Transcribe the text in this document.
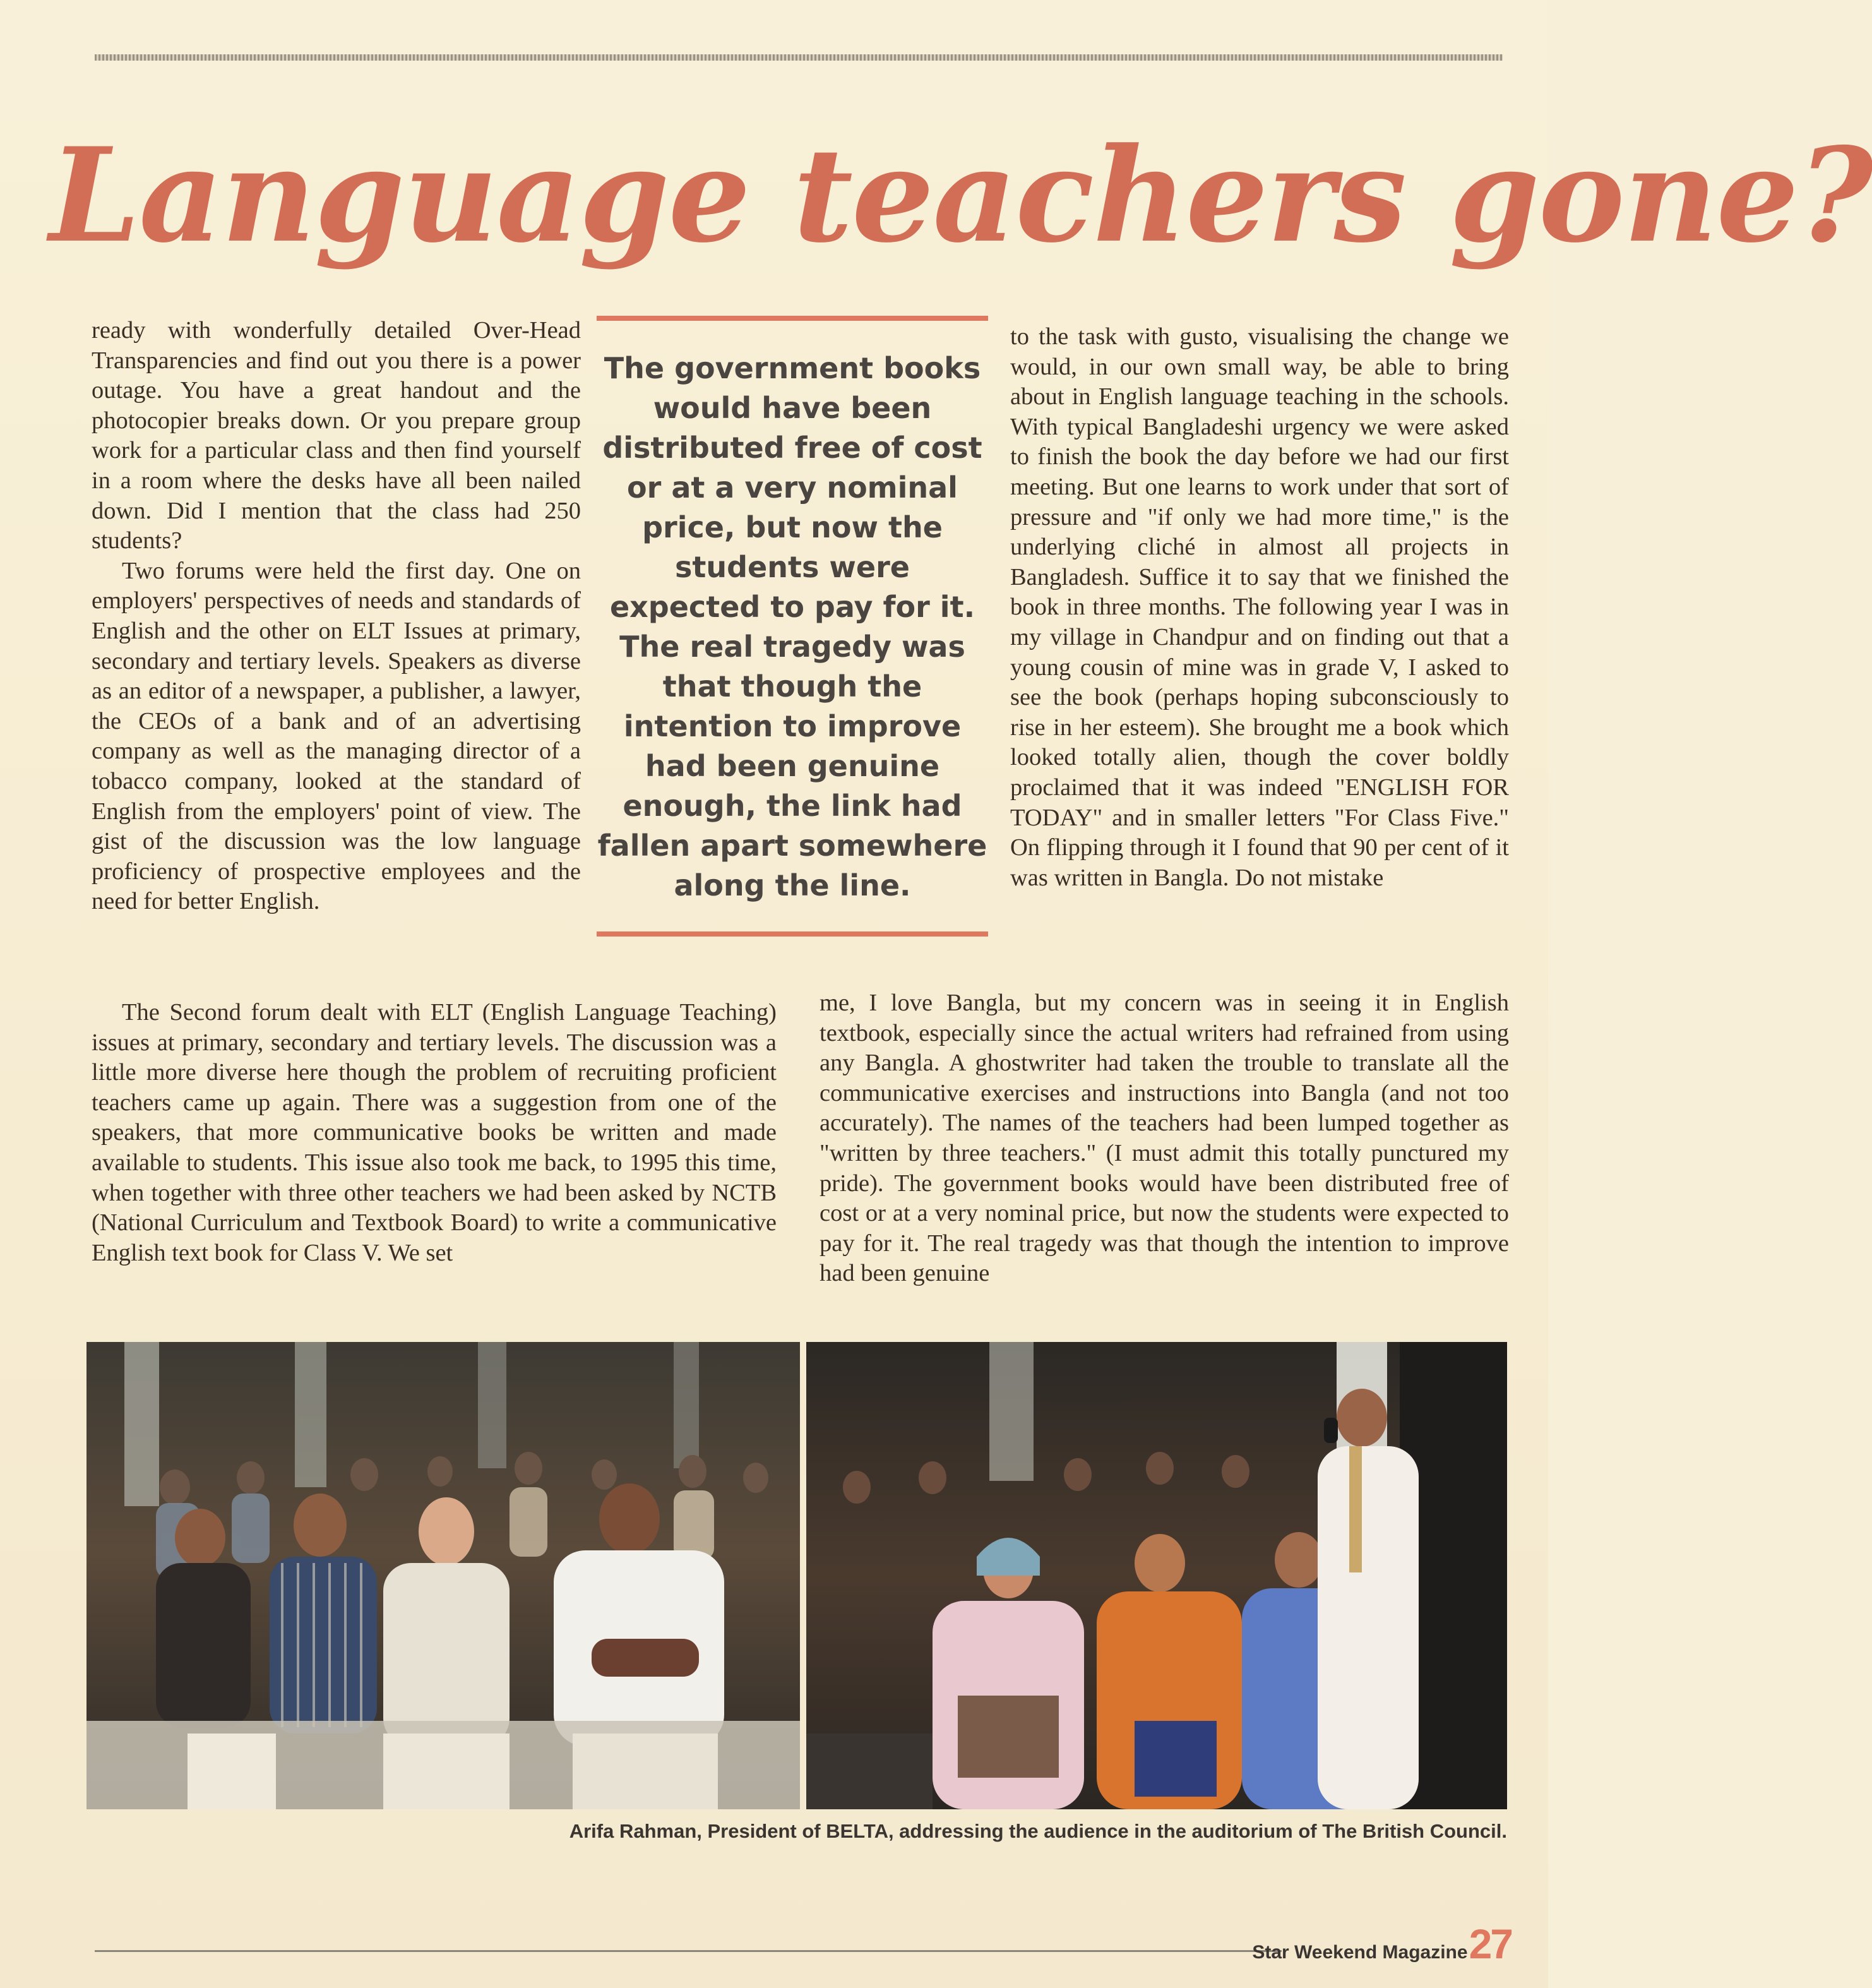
Language teachers gone?

ready with wonderfully detailed Over-Head Transparencies and find out you there is a power outage. You have a great handout and the photocopier breaks down. Or you prepare group work for a particular class and then find yourself in a room where the desks have all been nailed down. Did I mention that the class had 250 students?

Two forums were held the first day. One on employers' perspectives of needs and standards of English and the other on ELT Issues at primary, secondary and tertiary levels. Speakers as diverse as an editor of a newspaper, a publisher, a lawyer, the CEOs of a bank and of an advertising company as well as the managing director of a tobacco company, looked at the standard of English from the employers' point of view. The gist of the discussion was the low language proficiency of prospective employees and the need for better English.

The government books would have been distributed free of cost or at a very nominal price, but now the students were expected to pay for it. The real tragedy was that though the intention to improve had been genuine enough, the link had fallen apart somewhere along the line.

to the task with gusto, visualising the change we would, in our own small way, be able to bring about in English language teaching in the schools. With typical Bangladeshi urgency we were asked to finish the book the day before we had our first meeting. But one learns to work under that sort of pressure and "if only we had more time," is the underlying cliché in almost all projects in Bangladesh. Suffice it to say that we finished the book in three months. The following year I was in my village in Chandpur and on finding out that a young cousin of mine was in grade V, I asked to see the book (perhaps hoping subconsciously to rise in her esteem). She brought me a book which looked totally alien, though the cover boldly proclaimed that it was indeed "ENGLISH FOR TODAY" and in smaller letters "For Class Five." On flipping through it I found that 90 per cent of it was written in Bangla. Do not mistake

The Second forum dealt with ELT (English Language Teaching) issues at primary, secondary and tertiary levels. The discussion was a little more diverse here though the problem of recruiting proficient teachers came up again. There was a suggestion from one of the speakers, that more communicative books be written and made available to students. This issue also took me back, to 1995 this time, when together with three other teachers we had been asked by NCTB (National Curriculum and Textbook Board) to write a communicative English text book for Class V. We set

me, I love Bangla, but my concern was in seeing it in English textbook, especially since the actual writers had refrained from using any Bangla. A ghostwriter had taken the trouble to translate all the communicative exercises and instructions into Bangla (and not too accurately). The names of the teachers had been lumped together as "written by three teachers." (I must admit this totally punctured my pride). The government books would have been distributed free of cost or at a very nominal price, but now the students were expected to pay for it. The real tragedy was that though the intention to improve had been genuine

Arifa Rahman, President of BELTA, addressing the audience in the auditorium of The British Council.
Star Weekend Magazine 27
